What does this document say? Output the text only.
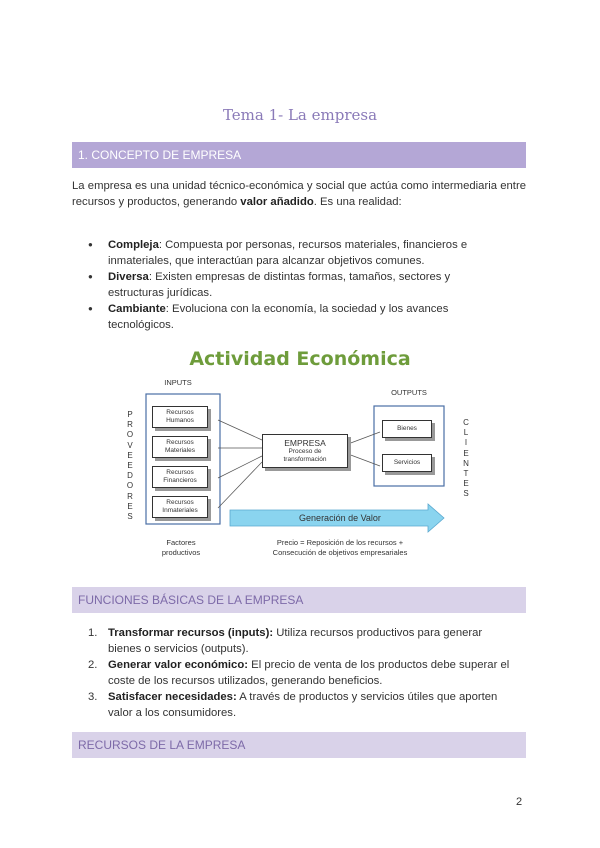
Tema 1- La empresa
1. CONCEPTO DE EMPRESA
La empresa es una unidad técnico-económica y social que actúa como intermediaria entre recursos y productos, generando valor añadido. Es una realidad:
● Compleja: Compuesta por personas, recursos materiales, financieros e inmateriales, que interactúan para alcanzar objetivos comunes.
● Diversa: Existen empresas de distintas formas, tamaños, sectores y estructuras jurídicas.
● Cambiante: Evoluciona con la economía, la sociedad y los avances tecnológicos.
Actividad Económica
INPUTS
OUTPUTS
P
R
O
V
E
E
D
O
R
E
S
C
L
I
E
N
T
E
S
Recursos
Humanos
Recursos
Materiales
Recursos
Financieros
Recursos
Inmateriales
EMPRESA
Proceso de
transformación
Bienes
Servicios
Generación de Valor
Factores
productivos
Precio = Reposición de los recursos +
Consecución de objetivos empresariales
FUNCIONES BÁSICAS DE LA EMPRESA
1. Transformar recursos (inputs): Utiliza recursos productivos para generar bienes o servicios (outputs).
2. Generar valor económico: El precio de venta de los productos debe superar el coste de los recursos utilizados, generando beneficios.
3. Satisfacer necesidades: A través de productos y servicios útiles que aporten valor a los consumidores.
RECURSOS DE LA EMPRESA
2
